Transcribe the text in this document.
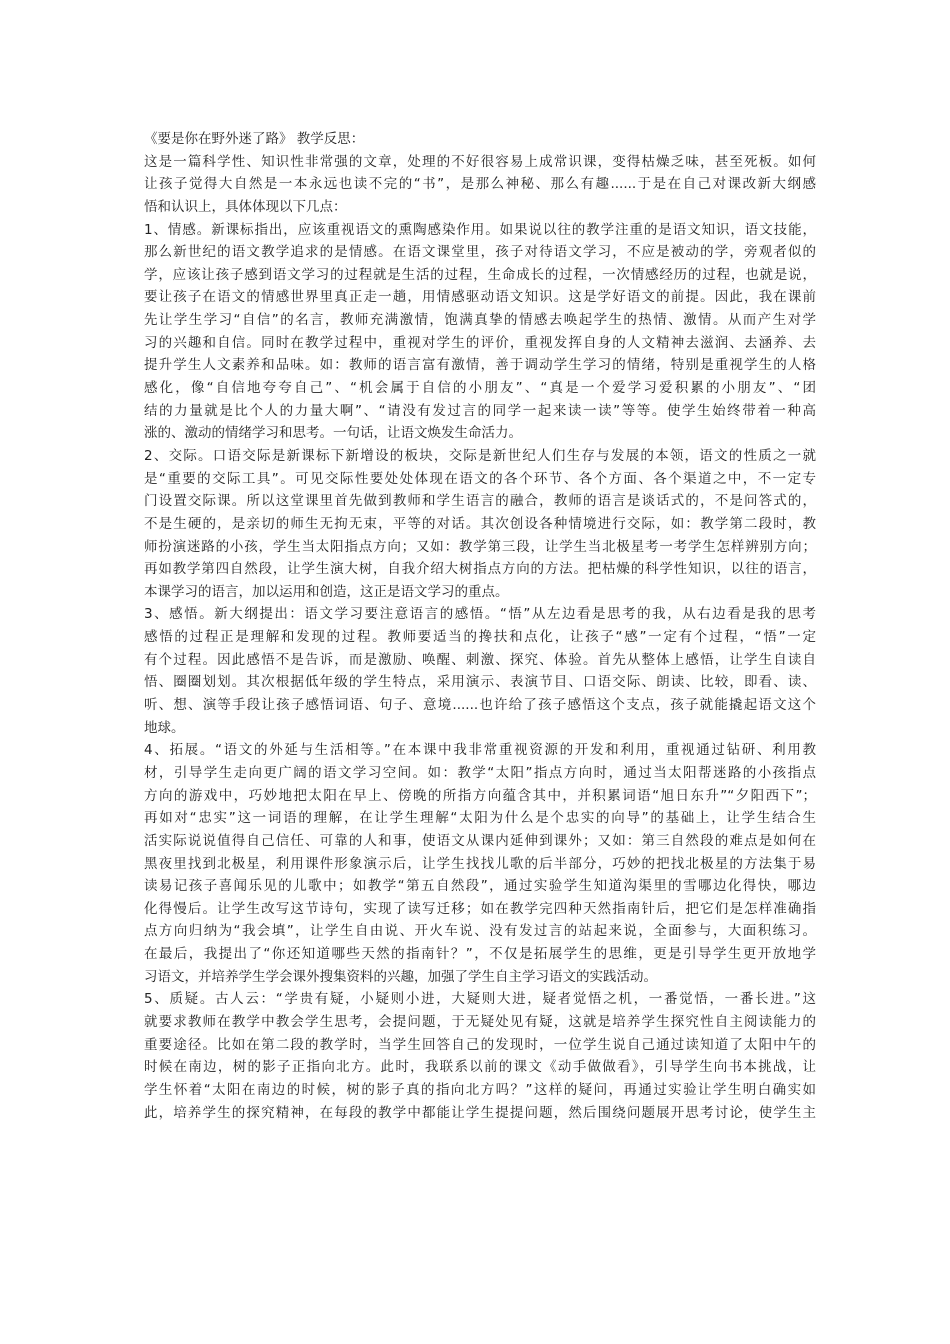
《要是你在野外迷了路》 教学反思：
这是一篇科学性、知识性非常强的文章，处理的不好很容易上成常识课，变得枯燥乏味，甚至死板。如何
让孩子觉得大自然是一本永远也读不完的“书”，是那么神秘、那么有趣......于是在自己对课改新大纲感
悟和认识上，具体体现以下几点：
1、情感。新课标指出，应该重视语文的熏陶感染作用。如果说以往的教学注重的是语文知识，语文技能，
那么新世纪的语文教学追求的是情感。在语文课堂里，孩子对待语文学习，不应是被动的学，旁观者似的
学，应该让孩子感到语文学习的过程就是生活的过程，生命成长的过程，一次情感经历的过程，也就是说，
要让孩子在语文的情感世界里真正走一趟，用情感驱动语文知识。这是学好语文的前提。因此，我在课前
先让学生学习“自信”的名言，教师充满激情，饱满真挚的情感去唤起学生的热情、激情。从而产生对学
习的兴趣和自信。同时在教学过程中，重视对学生的评价，重视发挥自身的人文精神去滋润、去涵养、去
提升学生人文素养和品味。如：教师的语言富有激情，善于调动学生学习的情绪，特别是重视学生的人格
感化，像“自信地夸夸自己”、“机会属于自信的小朋友”、“真是一个爱学习爱积累的小朋友”、“团
结的力量就是比个人的力量大啊”、“请没有发过言的同学一起来读一读”等等。使学生始终带着一种高
涨的、激动的情绪学习和思考。一句话，让语文焕发生命活力。
2、交际。口语交际是新课标下新增设的板块，交际是新世纪人们生存与发展的本领，语文的性质之一就
是“重要的交际工具”。可见交际性要处处体现在语文的各个环节、各个方面、各个渠道之中，不一定专
门设置交际课。所以这堂课里首先做到教师和学生语言的融合，教师的语言是谈话式的，不是问答式的，
不是生硬的，是亲切的师生无拘无束，平等的对话。其次创设各种情境进行交际，如：教学第二段时，教
师扮演迷路的小孩，学生当太阳指点方向；又如：教学第三段，让学生当北极星考一考学生怎样辨别方向；
再如教学第四自然段，让学生演大树，自我介绍大树指点方向的方法。把枯燥的科学性知识，以往的语言，
本课学习的语言，加以运用和创造，这正是语文学习的重点。
3、感悟。新大纲提出：语文学习要注意语言的感悟。“悟”从左边看是思考的我，从右边看是我的思考
感悟的过程正是理解和发现的过程。教师要适当的搀扶和点化，让孩子“感”一定有个过程，“悟”一定
有个过程。因此感悟不是告诉，而是激励、唤醒、刺激、探究、体验。首先从整体上感悟，让学生自读自
悟、圈圈划划。其次根据低年级的学生特点，采用演示、表演节目、口语交际、朗读、比较，即看、读、
听、想、演等手段让孩子感悟词语、句子、意境......也许给了孩子感悟这个支点，孩子就能撬起语文这个
地球。
4、拓展。“语文的外延与生活相等。”在本课中我非常重视资源的开发和利用，重视通过钻研、利用教
材，引导学生走向更广阔的语文学习空间。如：教学“太阳”指点方向时，通过当太阳帮迷路的小孩指点
方向的游戏中，巧妙地把太阳在早上、傍晚的所指方向蕴含其中，并积累词语“旭日东升”“夕阳西下”；
再如对“忠实”这一词语的理解，在让学生理解“太阳为什么是个忠实的向导”的基础上，让学生结合生
活实际说说值得自己信任、可靠的人和事，使语文从课内延伸到课外；又如：第三自然段的难点是如何在
黑夜里找到北极星，利用课件形象演示后，让学生找找儿歌的后半部分，巧妙的把找北极星的方法集于易
读易记孩子喜闻乐见的儿歌中；如教学“第五自然段”，通过实验学生知道沟渠里的雪哪边化得快，哪边
化得慢后。让学生改写这节诗句，实现了读写迁移；如在教学完四种天然指南针后，把它们是怎样准确指
点方向归纳为“我会填”，让学生自由说、开火车说、没有发过言的站起来说，全面参与，大面积练习。
在最后，我提出了“你还知道哪些天然的指南针？”，不仅是拓展学生的思维，更是引导学生更开放地学
习语文，并培养学生学会课外搜集资料的兴趣，加强了学生自主学习语文的实践活动。
5、质疑。古人云：“学贵有疑，小疑则小进，大疑则大进，疑者觉悟之机，一番觉悟，一番长进。”这
就要求教师在教学中教会学生思考，会提问题，于无疑处见有疑，这就是培养学生探究性自主阅读能力的
重要途径。比如在第二段的教学时，当学生回答自己的发现时，一位学生说自己通过读知道了太阳中午的
时候在南边，树的影子正指向北方。此时，我联系以前的课文《动手做做看》，引导学生向书本挑战，让
学生怀着“太阳在南边的时候，树的影子真的指向北方吗？”这样的疑问，再通过实验让学生明白确实如
此，培养学生的探究精神，在每段的教学中都能让学生提提问题，然后围绕问题展开思考讨论，使学生主
